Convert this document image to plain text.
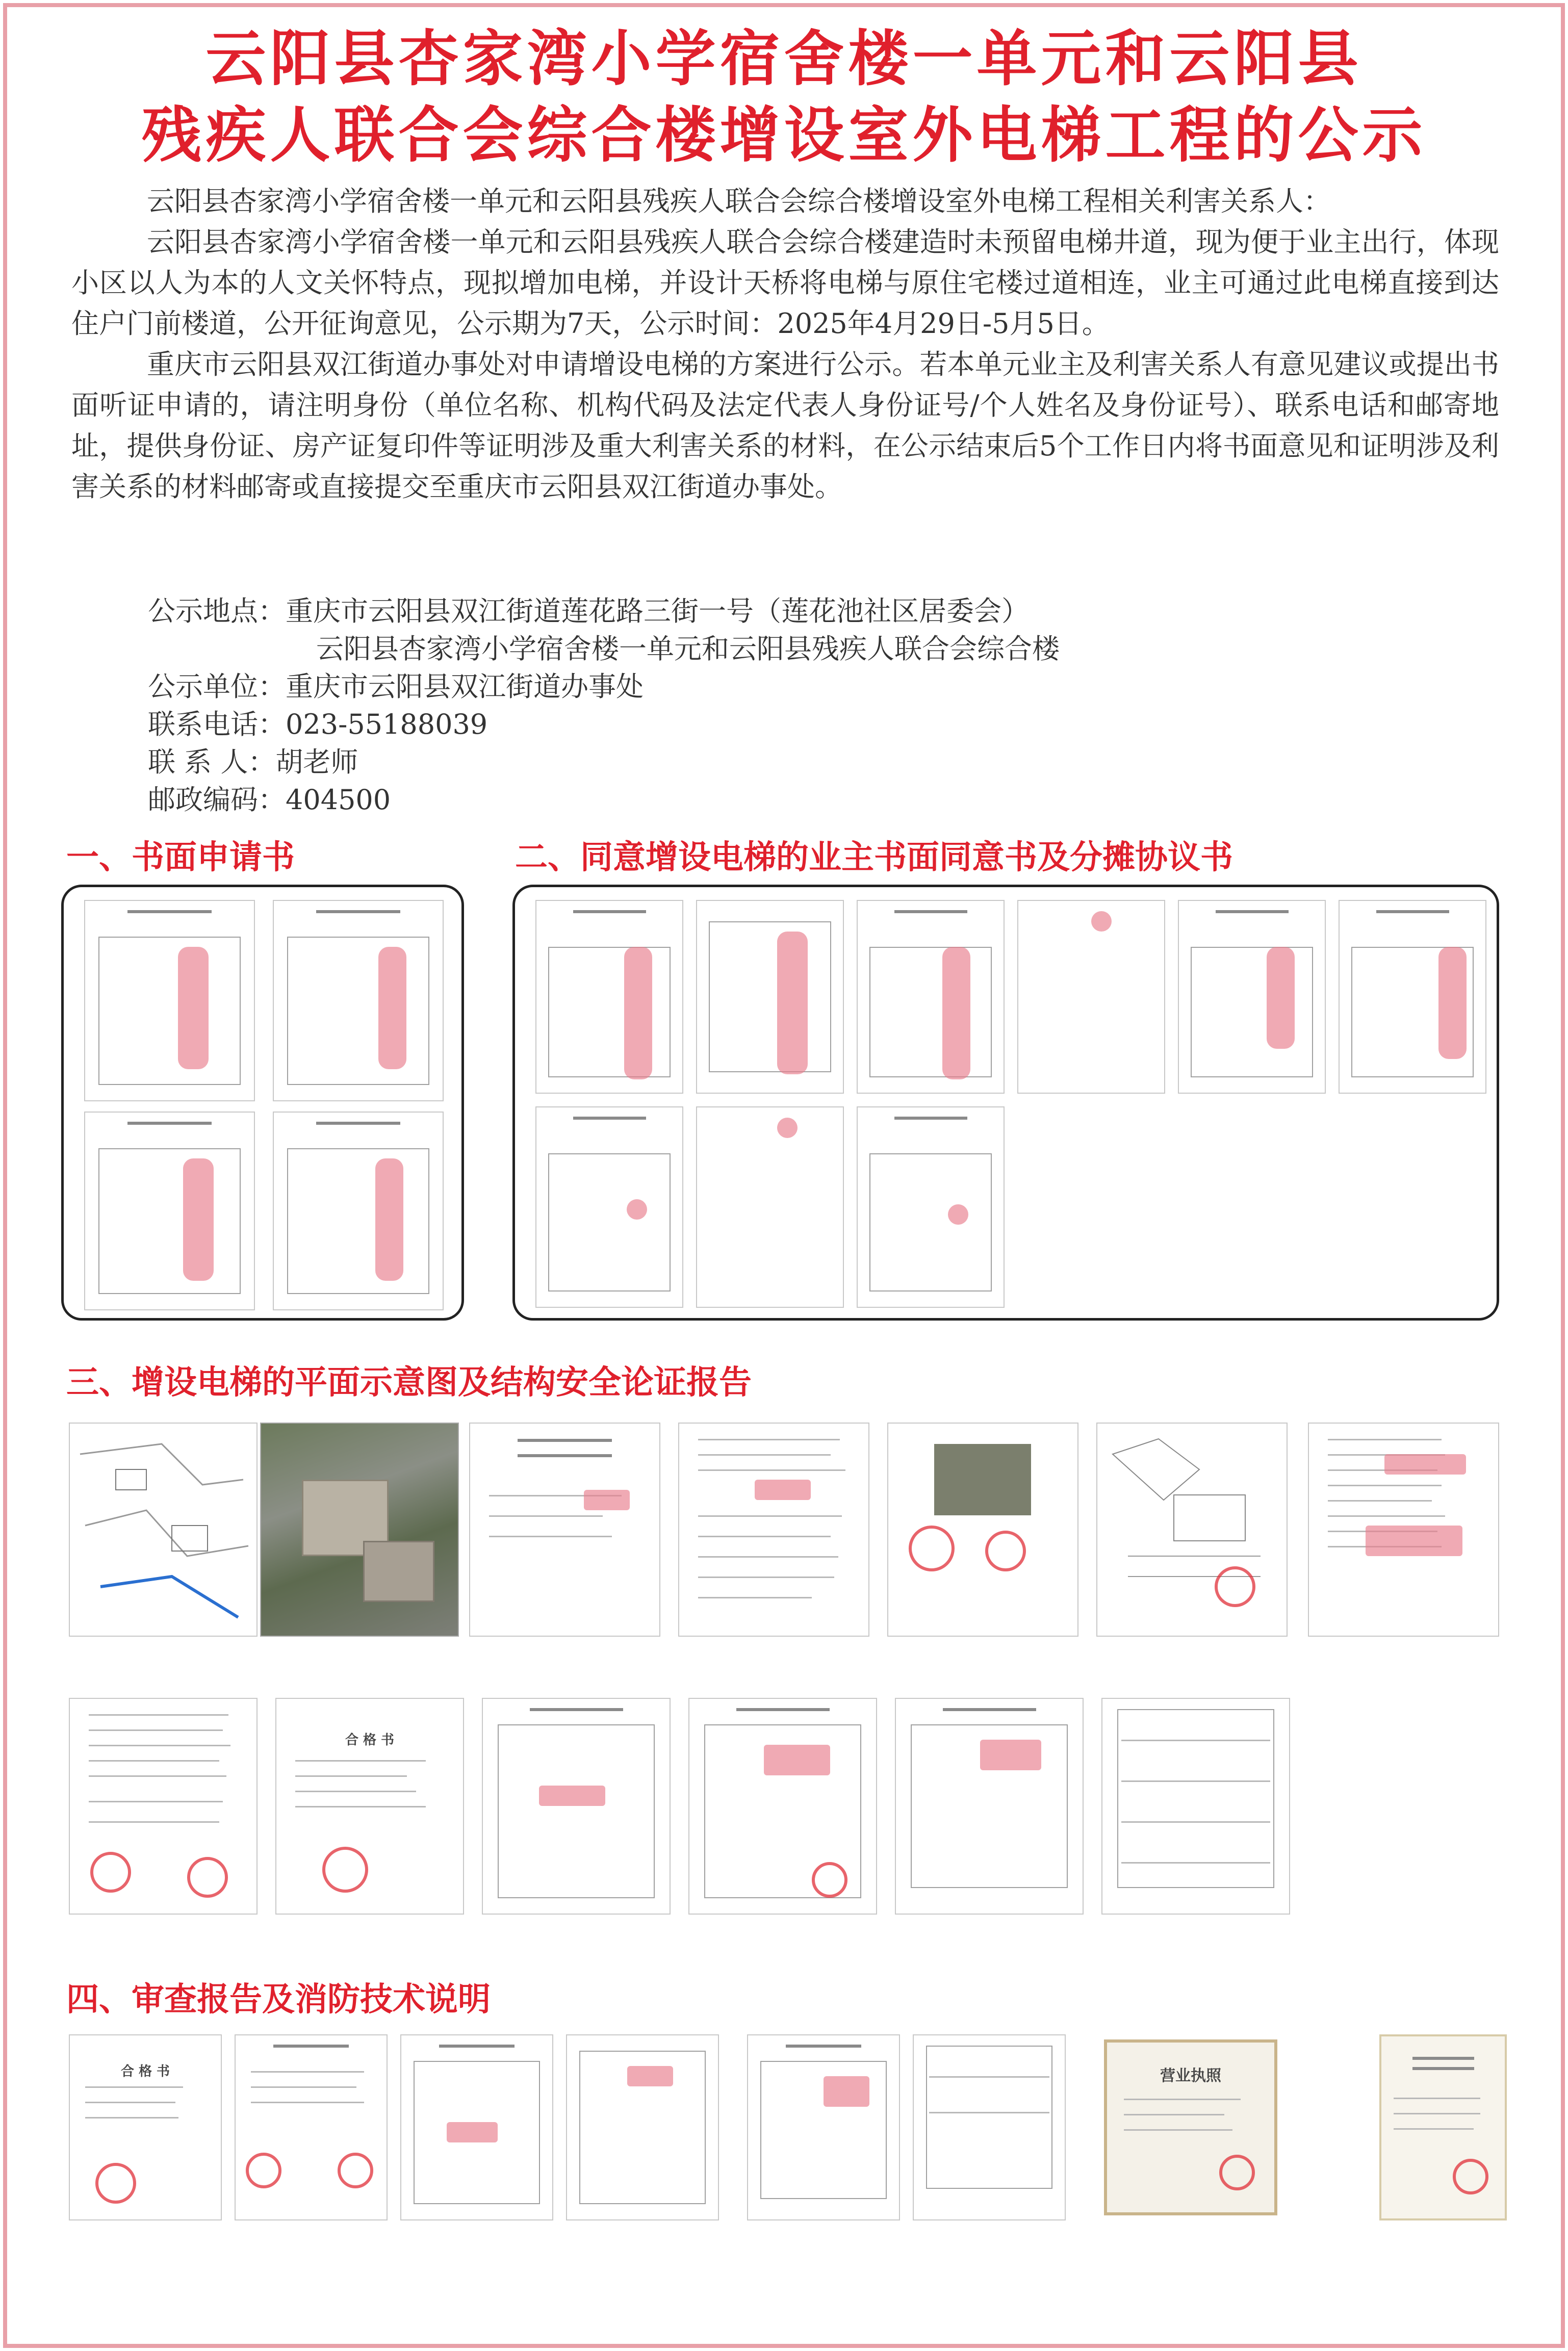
云阳县杏家湾小学宿舍楼一单元和云阳县
残疾人联合会综合楼增设室外电梯工程的公示

云阳县杏家湾小学宿舍楼一单元和云阳县残疾人联合会综合楼增设室外电梯工程相关利害关系人：

云阳县杏家湾小学宿舍楼一单元和云阳县残疾人联合会综合楼建造时未预留电梯井道，现为便于业主出行，体现小区以人为本的人文关怀特点，现拟增加电梯，并设计天桥将电梯与原住宅楼过道相连，业主可通过此电梯直接到达住户门前楼道，公开征询意见，公示期为7天，公示时间：2025年4月29日-5月5日。

重庆市云阳县双江街道办事处对申请增设电梯的方案进行公示。若本单元业主及利害关系人有意见建议或提出书面听证申请的，请注明身份（单位名称、机构代码及法定代表人身份证号/个人姓名及身份证号）、联系电话和邮寄地址，提供身份证、房产证复印件等证明涉及重大利害关系的材料，在公示结束后5个工作日内将书面意见和证明涉及利害关系的材料邮寄或直接提交至重庆市云阳县双江街道办事处。

公示地点：重庆市云阳县双江街道莲花路三街一号（莲花池社区居委会）
云阳县杏家湾小学宿舍楼一单元和云阳县残疾人联合会综合楼
公示单位：重庆市云阳县双江街道办事处
联系电话：023-55188039
联 系 人：胡老师
邮政编码：404500
一、书面申请书	二、同意增设电梯的业主书面同意书及分摊协议书
三、增设电梯的平面示意图及结构安全论证报告
合 格 书
四、审查报告及消防技术说明
合 格 书	营业执照
